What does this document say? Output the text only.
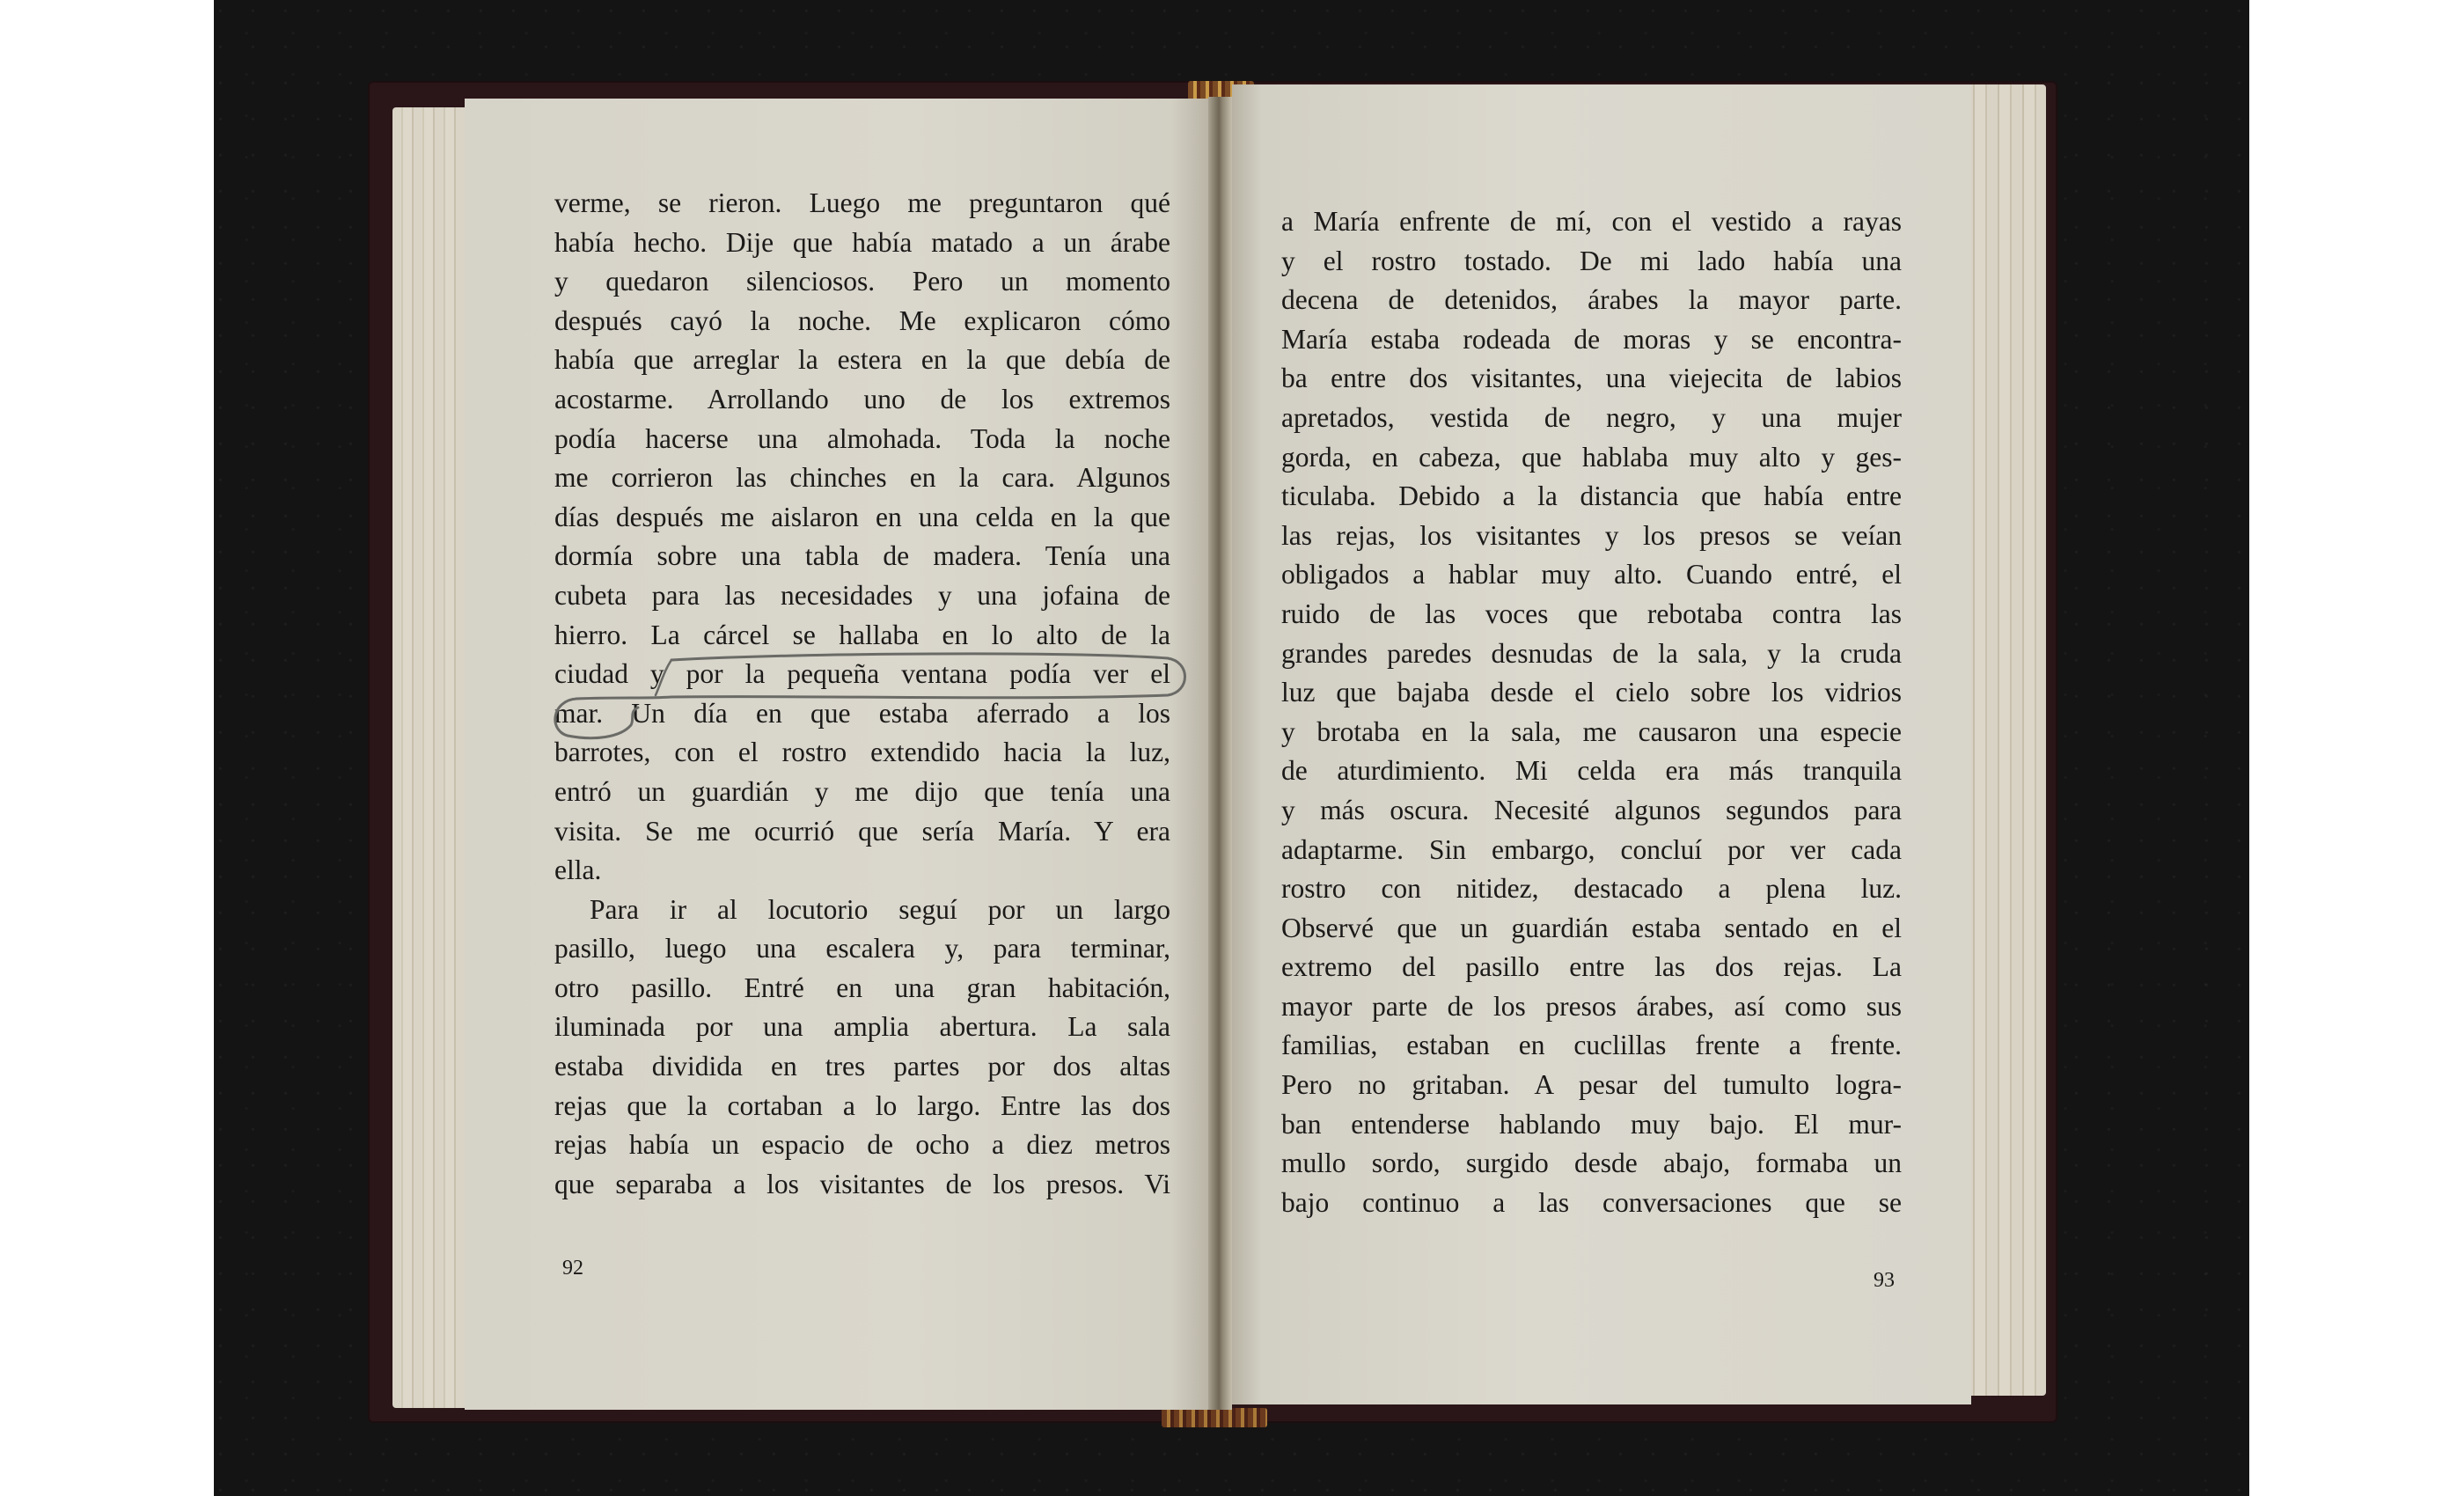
verme, se rieron. Luego me preguntaron qué
había hecho. Dije que había matado a un árabe
y quedaron silenciosos. Pero un momento
después cayó la noche. Me explicaron cómo
había que arreglar la estera en la que debía de
acostarme. Arrollando uno de los extremos
podía hacerse una almohada. Toda la noche
me corrieron las chinches en la cara. Algunos
días después me aislaron en una celda en la que
dormía sobre una tabla de madera. Tenía una
cubeta para las necesidades y una jofaina de
hierro. La cárcel se hallaba en lo alto de la
ciudad y por la pequeña ventana podía ver el
mar. Un día en que estaba aferrado a los
barrotes, con el rostro extendido hacia la luz,
entró un guardián y me dijo que tenía una
visita. Se me ocurrió que sería María. Y era
ella.
Para ir al locutorio seguí por un largo
pasillo, luego una escalera y, para terminar,
otro pasillo. Entré en una gran habitación,
iluminada por una amplia abertura. La sala
estaba dividida en tres partes por dos altas
rejas que la cortaban a lo largo. Entre las dos
rejas había un espacio de ocho a diez metros
que separaba a los visitantes de los presos. Vi
92
a María enfrente de mí, con el vestido a rayas
y el rostro tostado. De mi lado había una
decena de detenidos, árabes la mayor parte.
María estaba rodeada de moras y se encontra-
ba entre dos visitantes, una viejecita de labios
apretados, vestida de negro, y una mujer
gorda, en cabeza, que hablaba muy alto y ges-
ticulaba. Debido a la distancia que había entre
las rejas, los visitantes y los presos se veían
obligados a hablar muy alto. Cuando entré, el
ruido de las voces que rebotaba contra las
grandes paredes desnudas de la sala, y la cruda
luz que bajaba desde el cielo sobre los vidrios
y brotaba en la sala, me causaron una especie
de aturdimiento. Mi celda era más tranquila
y más oscura. Necesité algunos segundos para
adaptarme. Sin embargo, concluí por ver cada
rostro con nitidez, destacado a plena luz.
Observé que un guardián estaba sentado en el
extremo del pasillo entre las dos rejas. La
mayor parte de los presos árabes, así como sus
familias, estaban en cuclillas frente a frente.
Pero no gritaban. A pesar del tumulto logra-
ban entenderse hablando muy bajo. El mur-
mullo sordo, surgido desde abajo, formaba un
bajo continuo a las conversaciones que se
93
